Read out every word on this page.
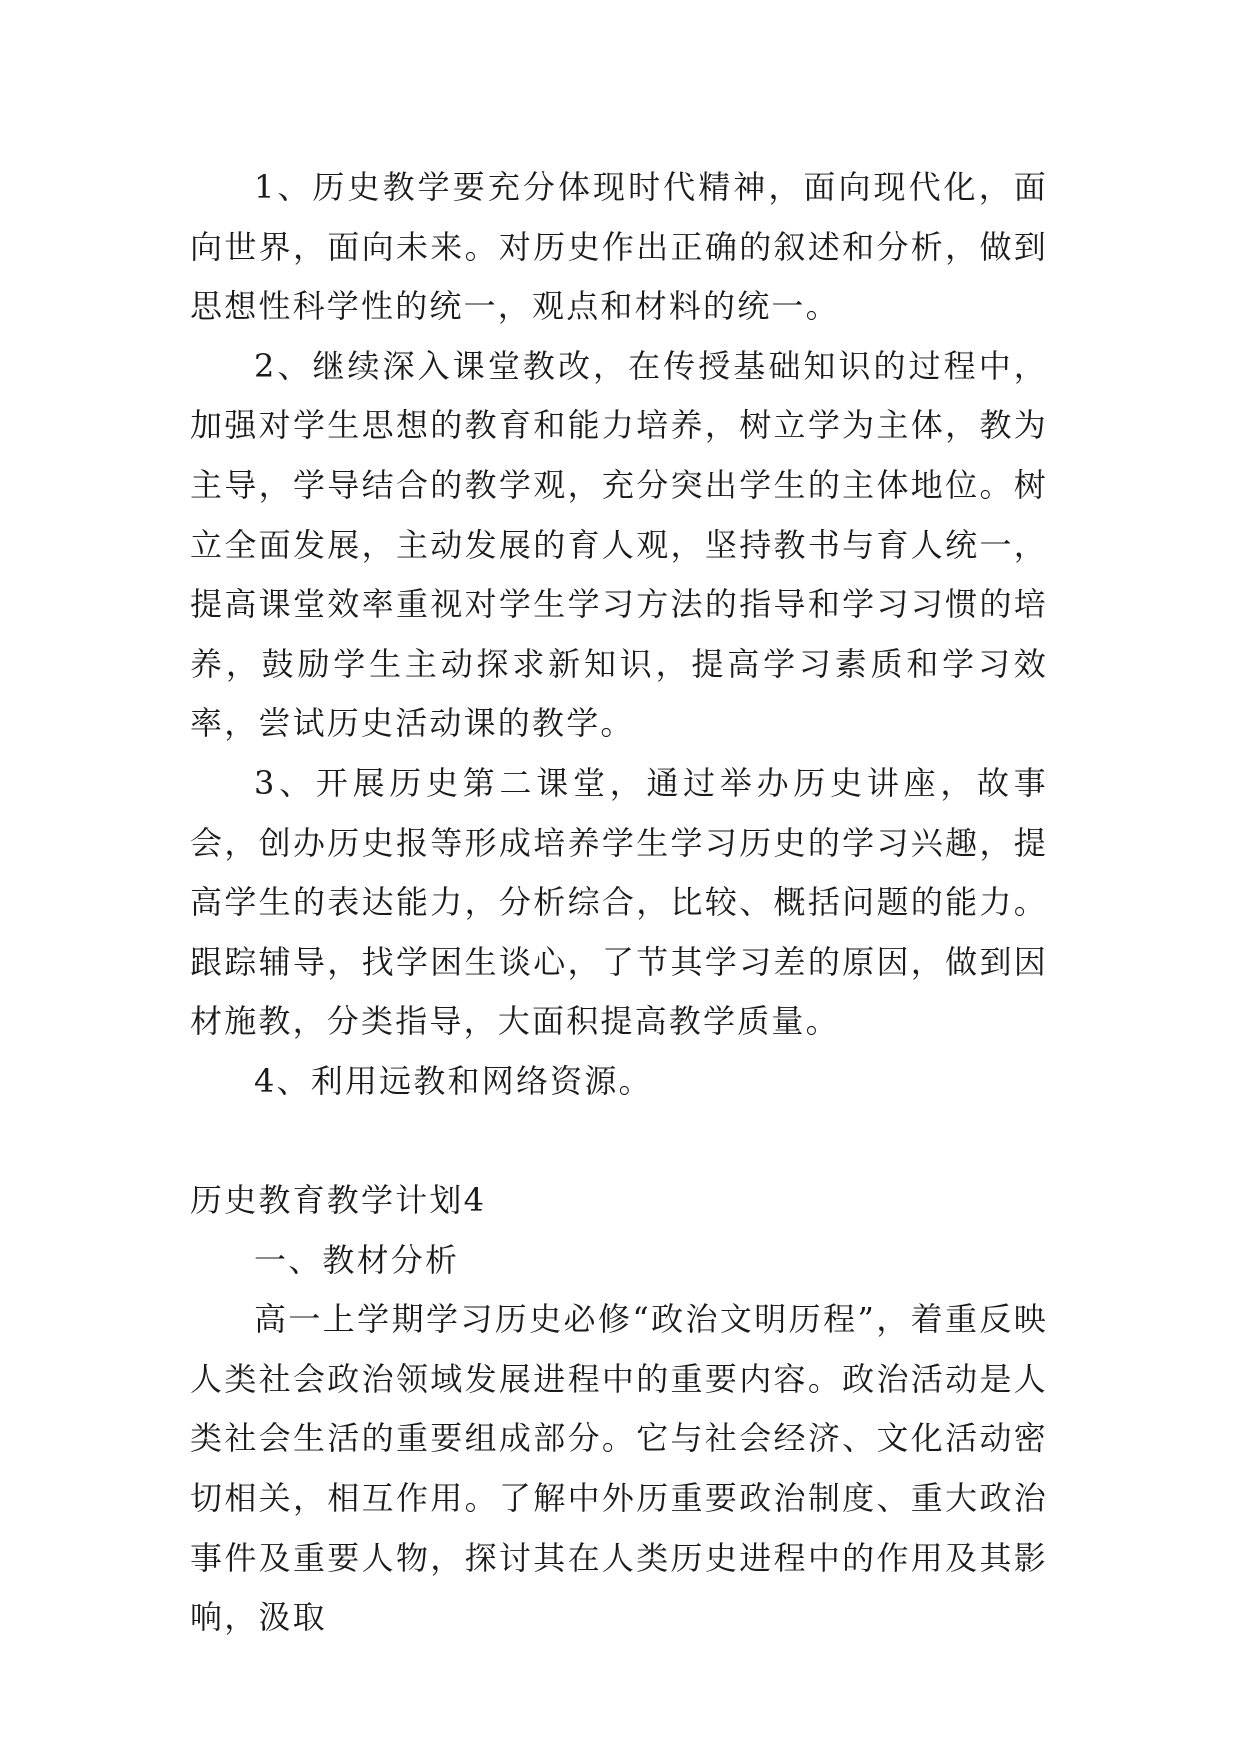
1、历史教学要充分体现时代精神，面向现代化，面向世界，面向未来。对历史作出正确的叙述和分析，做到思想性科学性的统一，观点和材料的统一。

2、继续深入课堂教改，在传授基础知识的过程中，加强对学生思想的教育和能力培养，树立学为主体，教为主导，学导结合的教学观，充分突出学生的主体地位。树立全面发展，主动发展的育人观，坚持教书与育人统一，提高课堂效率重视对学生学习方法的指导和学习习惯的培养，鼓励学生主动探求新知识，提高学习素质和学习效率，尝试历史活动课的教学。

3、开展历史第二课堂，通过举办历史讲座，故事会，创办历史报等形成培养学生学习历史的学习兴趣，提高学生的表达能力，分析综合，比较、概括问题的能力。跟踪辅导，找学困生谈心，了节其学习差的原因，做到因材施教，分类指导，大面积提高教学质量。

4、利用远教和网络资源。

历史教育教学计划4

一、教材分析

高一上学期学习历史必修“政治文明历程”，着重反映人类社会政治领域发展进程中的重要内容。政治活动是人类社会生活的重要组成部分。它与社会经济、文化活动密切相关，相互作用。了解中外历重要政治制度、重大政治事件及重要人物，探讨其在人类历史进程中的作用及其影响，汲取
